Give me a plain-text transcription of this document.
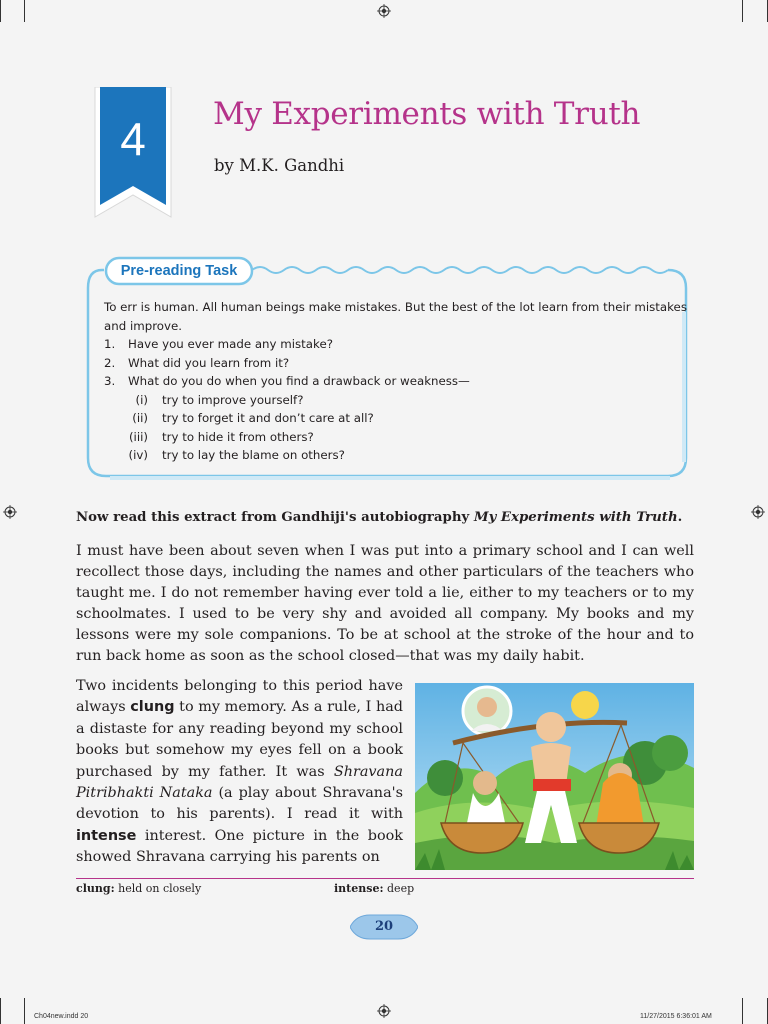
4	My Experiments with Truth
by M.K. Gandhi
Pre-reading Task
To err is human. All human beings make mistakes. But the best of the lot learn from their mistakes
and improve.
1. Have you ever made any mistake?
2. What did you learn from it?
3. What do you do when you find a drawback or weakness—
(i) try to improve yourself?
(ii) try to forget it and don’t care at all?
(iii) try to hide it from others?
(iv) try to lay the blame on others?
Now read this extract from Gandhiji's autobiography My Experiments with Truth.
I must have been about seven when I was put into a primary school and I can well recollect those days, including the names and other particulars of the teachers who taught me. I do not remember having ever told a lie, either to my teachers or to my schoolmates. I used to be very shy and avoided all company. My books and my lessons were my sole companions. To be at school at the stroke of the hour and to run back home as soon as the school closed—that was my daily habit.
Two incidents belonging to this period have always clung to my memory. As a rule, I had a distaste for any reading beyond my school books but somehow my eyes fell on a book purchased by my father. It was Shravana Pitribhakti Nataka (a play about Shravana's devotion to his parents). I read it with intense interest. One picture in the book showed Shravana carrying his parents on
clung: held on closely	intense: deep
20
Ch04new.indd 20	11/27/2015 6:36:01 AM
